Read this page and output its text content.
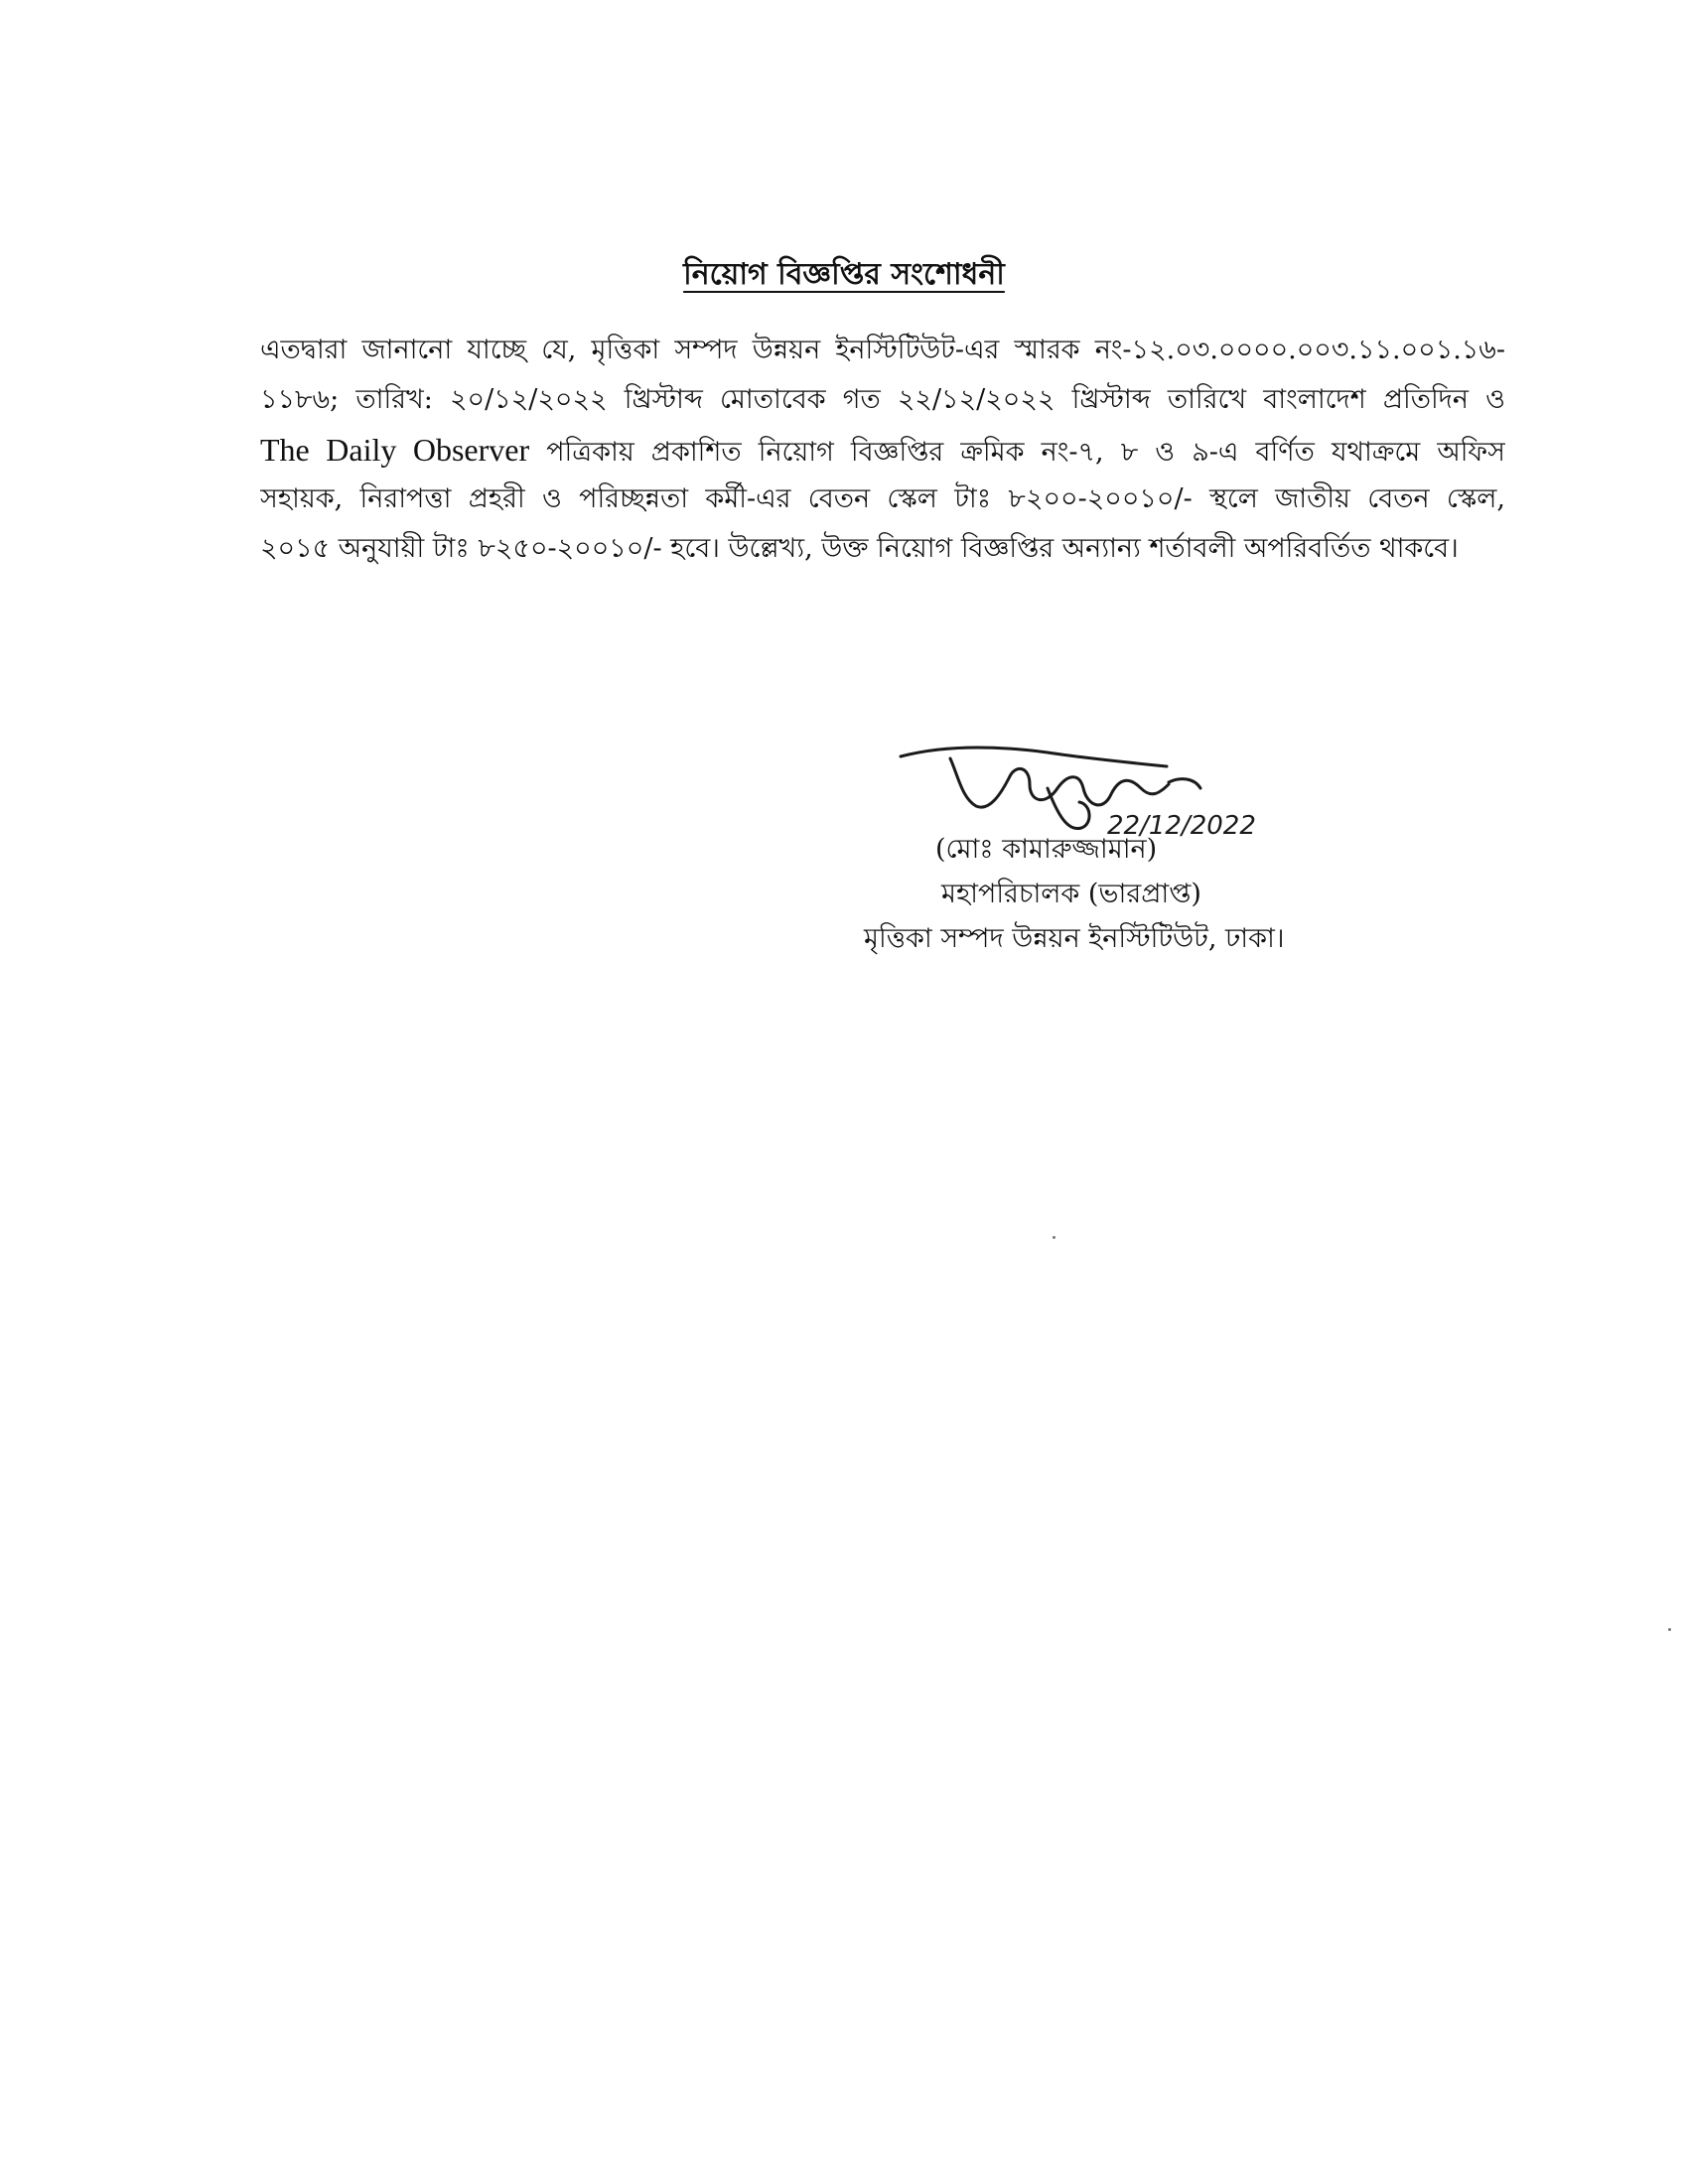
নিয়োগ বিজ্ঞপ্তির সংশোধনী
এতদ্বারা জানানো যাচ্ছে যে, মৃত্তিকা সম্পদ উন্নয়ন ইনস্টিটিউট-এর স্মারক নং-১২.০৩.০০০০.০০৩.১১.০০১.১৬-
১১৮৬; তারিখ: ২০/১২/২০২২ খ্রিস্টাব্দ মোতাবেক গত ২২/১২/২০২২ খ্রিস্টাব্দ তারিখে বাংলাদেশ প্রতিদিন ও
The Daily Observer পত্রিকায় প্রকাশিত নিয়োগ বিজ্ঞপ্তির ক্রমিক নং-৭, ৮ ও ৯-এ বর্ণিত যথাক্রমে অফিস
সহায়ক, নিরাপত্তা প্রহরী ও পরিচ্ছন্নতা কর্মী-এর বেতন স্কেল টাঃ ৮২০০-২০০১০/- স্থলে জাতীয় বেতন স্কেল,
২০১৫ অনুযায়ী টাঃ ৮২৫০-২০০১০/- হবে। উল্লেখ্য, উক্ত নিয়োগ বিজ্ঞপ্তির অন্যান্য শর্তাবলী অপরিবর্তিত থাকবে।
22/12/2022
(মোঃ কামারুজ্জামান)
মহাপরিচালক (ভারপ্রাপ্ত)
মৃত্তিকা সম্পদ উন্নয়ন ইনস্টিটিউট, ঢাকা।
